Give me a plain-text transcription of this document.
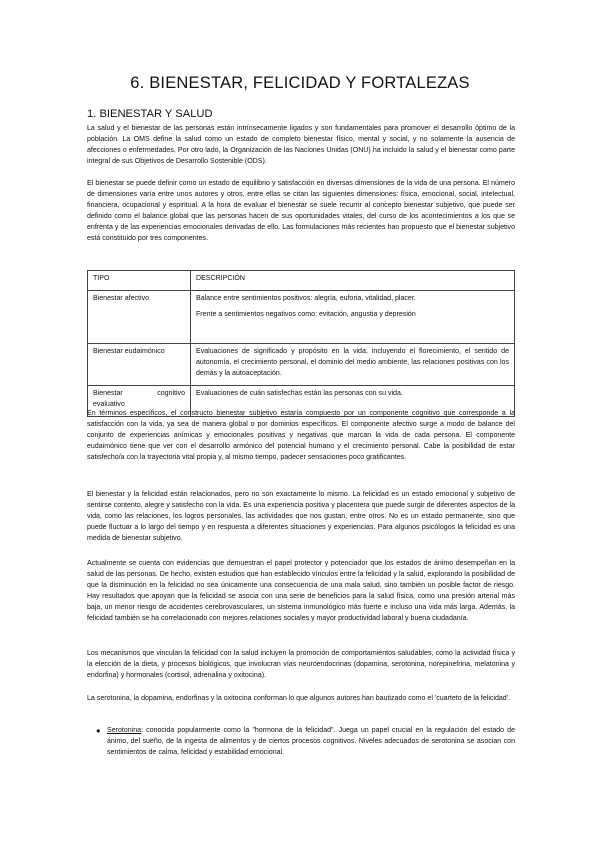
6. BIENESTAR, FELICIDAD Y FORTALEZAS
1. BIENESTAR Y SALUD

La salud y el bienestar de las personas están intrínsecamente ligados y son fundamentales para promover el desarrollo óptimo de la población. La OMS define la salud como un estado de completo bienestar físico, mental y social, y no solamente la ausencia de afecciones o enfermedades. Por otro lado, la Organización de las Naciones Unidas (ONU) ha incluido la salud y el bienestar como parte integral de sus Objetivos de Desarrollo Sostenible (ODS).

El bienestar se puede definir como un estado de equilibrio y satisfacción en diversas dimensiones de la vida de una persona. El número de dimensiones varía entre unos autores y otros, entre ellas se citan las siguientes dimensiones: física, emocional, social, intelectual, financiera, ocupacional y espiritual. A la hora de evaluar el bienestar se suele recurrir al concepto bienestar subjetivo, que puede ser definido como el balance global que las personas hacen de sus oportunidades vitales, del curso de los acontecimientos a los que se enfrenta y de las experiencias emocionales derivadas de ello. Las formulaciones más recientes han propuesto que el bienestar subjetivo está constituido por tres componentes.

TIPO	DESCRIPCIÓN
Bienestar afectivo	Balance entre sentimientos positivos: alegría, euforia, vitalidad, placer.

Frente a sentimientos negativos como: evitación, angustia y depresión

Bienestar eudaimónico	Evaluaciones de significado y propósito en la vida, incluyendo el florecimiento, el sentido de autonomía, el crecimiento personal, el dominio del medio ambiente, las relaciones positivas con los demás y la autoaceptación.

Bienestar cognitivo
evaluativo	Evaluaciones de cuán satisfechas están las personas con su vida.

En términos específicos, el constructo bienestar subjetivo estaría compuesto por un componente cognitivo que corresponde a la satisfacción con la vida, ya sea de manera global o por dominios específicos. El componente afectivo surge a modo de balance del conjunto de experiencias anímicas y emocionales positivas y negativas que marcan la vida de cada persona. El componente eudaimónico tiene que ver con el desarrollo armónico del potencial humano y el crecimiento personal. Cabe la posibilidad de estar satisfecho/a con la trayectoria vital propia y, al mismo tiempo, padecer sensaciones poco gratificantes.

El bienestar y la felicidad están relacionados, pero no son exactamente lo mismo. La felicidad es un estado emocional y subjetivo de sentirse contento, alegre y satisfecho con la vida. Es una experiencia positiva y placentera que puede surgir de diferentes aspectos de la vida, como las relaciones, los logros personales, las actividades que nos gustan, entre otros. No es un estado permanente, sino que puede fluctuar a lo largo del tiempo y en respuesta a diferentes situaciones y experiencias. Para algunos psicólogos la felicidad es una medida de bienestar subjetivo.

Actualmente se cuenta con evidencias que demuestran el papel protector y potenciador que los estados de ánimo desempeñan en la salud de las personas. De hecho, existen estudios que han establecido vínculos entre la felicidad y la salud, explorando la posibilidad de que la disminución en la felicidad no sea únicamente una consecuencia de una mala salud, sino también un posible factor de riesgo. Hay resultados que apoyan que la felicidad se asocia con una serie de beneficios para la salud física, como una presión arterial más baja, un menor riesgo de accidentes cerebrovasculares, un sistema inmunológico más fuerte e incluso una vida más larga. Además, la felicidad también se ha correlacionado con mejores relaciones sociales y mayor productividad laboral y buena ciudadanía.

Los mecanismos que vinculan la felicidad con la salud incluyen la promoción de comportamientos saludables, como la actividad física y la elección de la dieta, y procesos biológicos, que involucran vías neuroendocrinas (dopamina, serotonina, norepinefrina, melatonina y endorfina) y hormonales (cortisol, adrenalina y oxitocina).

La serotonina, la dopamina, endorfinas y la oxitocina conforman lo que algunos autores han bautizado como el 'cuarteto de la felicidad'.

● Serotonina: conocida popularmente como la "hormona de la felicidad". Juega un papel crucial en la regulación del estado de ánimo, del sueño, de la ingesta de alimentos y de ciertos procesos cognitivos. Niveles adecuados de serotonina se asocian con sentimientos de calma, felicidad y estabilidad emocional.
